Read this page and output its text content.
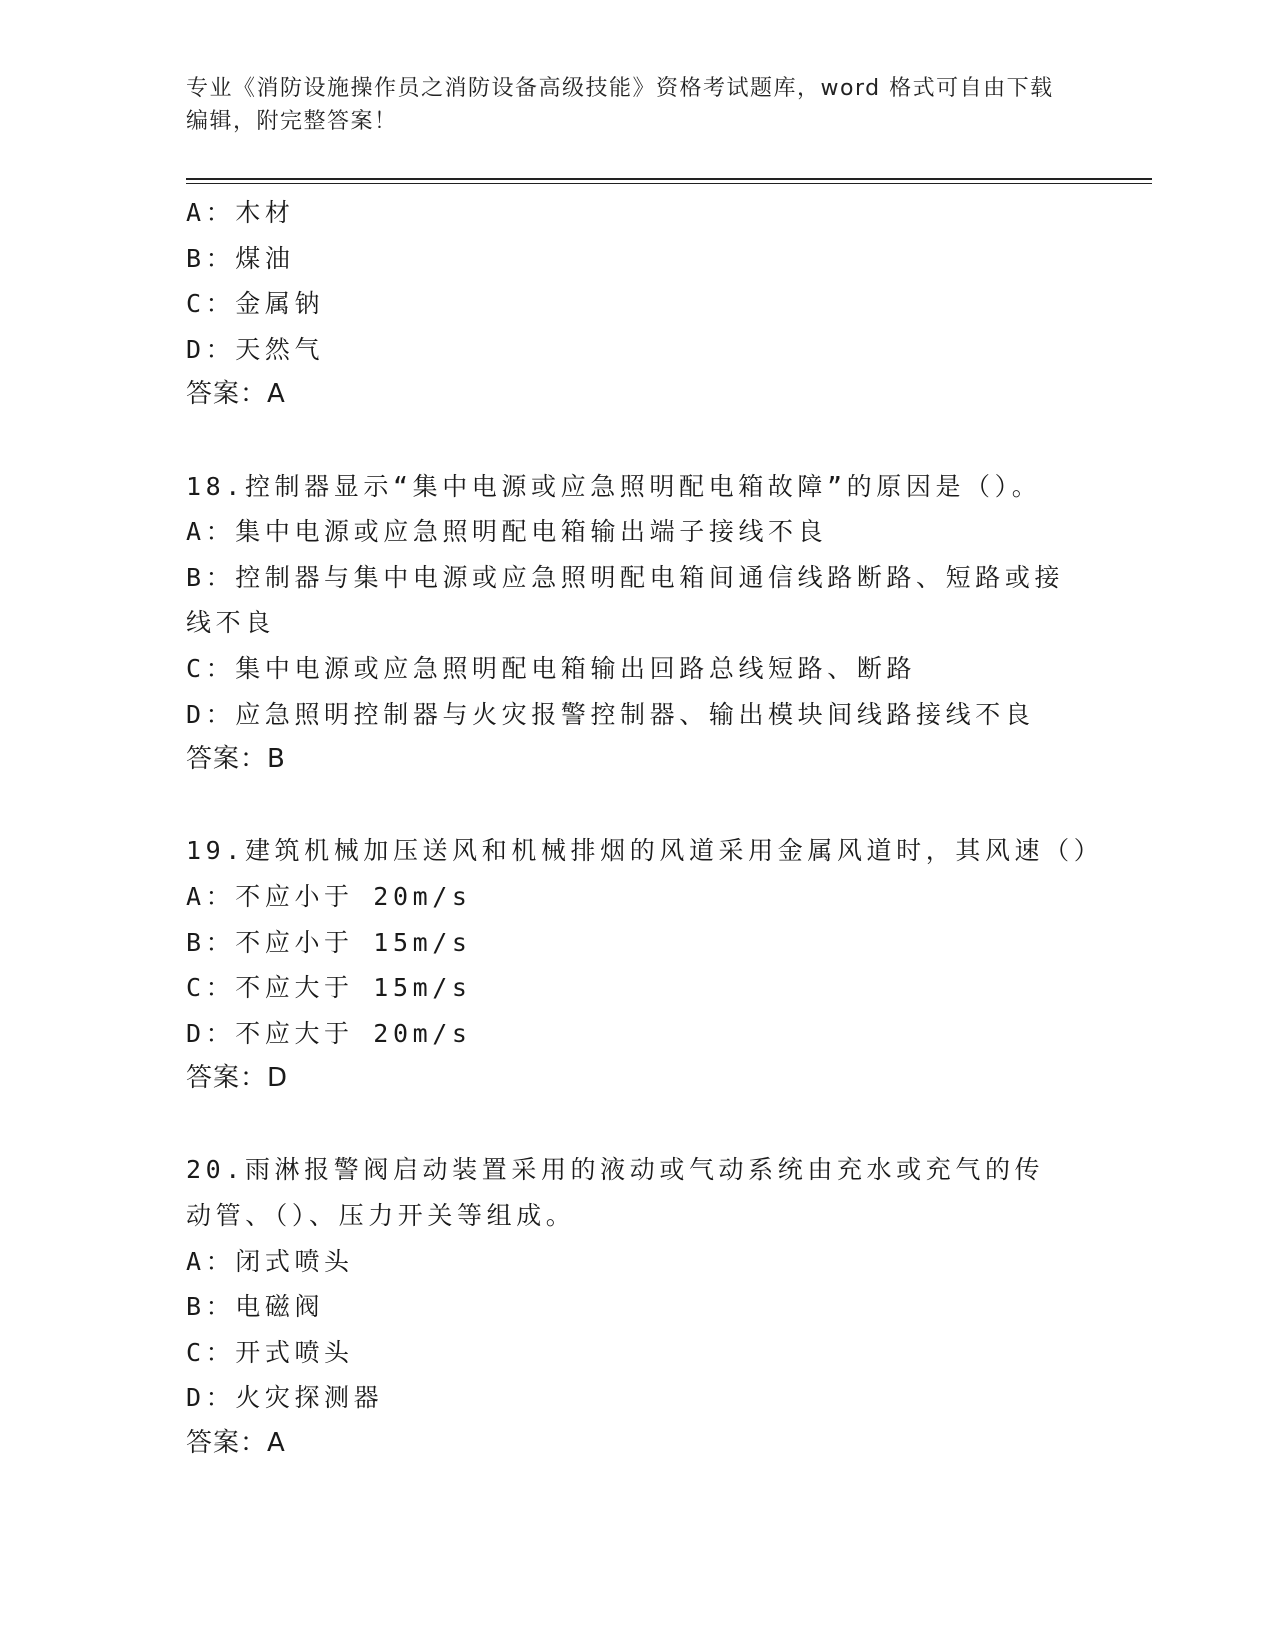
专业《消防设施操作员之消防设备高级技能》资格考试题库，word 格式可自由下载编辑，附完整答案！
A：木材
B：煤油
C：金属钠
D：天然气
答案：A
18.控制器显示“集中电源或应急照明配电箱故障”的原因是（）。
A：集中电源或应急照明配电箱输出端子接线不良
B：控制器与集中电源或应急照明配电箱间通信线路断路、短路或接线不良
C：集中电源或应急照明配电箱输出回路总线短路、断路
D：应急照明控制器与火灾报警控制器、输出模块间线路接线不良
答案：B
19.建筑机械加压送风和机械排烟的风道采用金属风道时，其风速（）
A：不应小于 20m/s
B：不应小于 15m/s
C：不应大于 15m/s
D：不应大于 20m/s
答案：D
20.雨淋报警阀启动装置采用的液动或气动系统由充水或充气的传动管、（）、压力开关等组成。
A：闭式喷头
B：电磁阀
C：开式喷头
D：火灾探测器
答案：A
